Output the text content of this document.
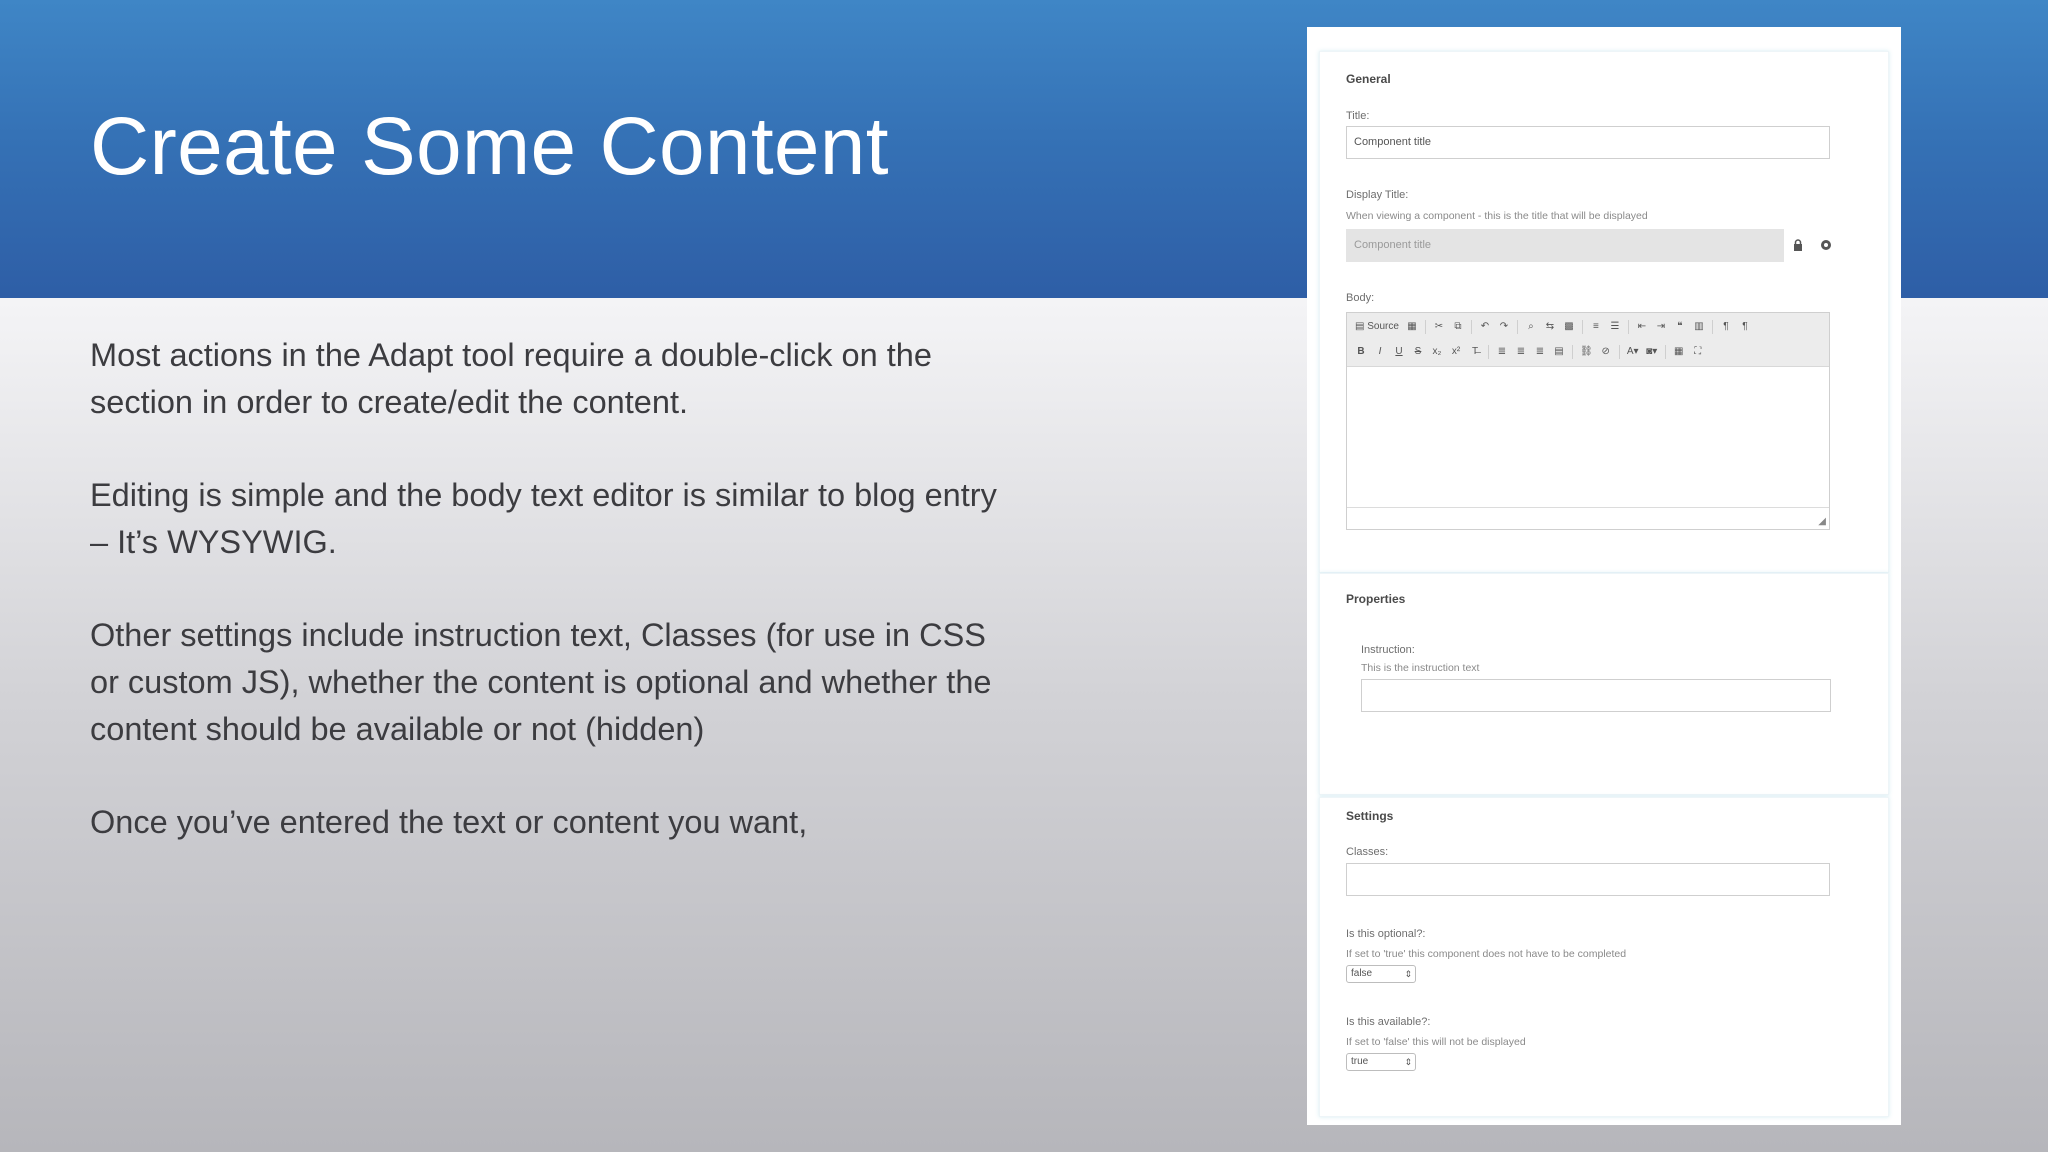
Create Some Content

Most actions in the Adapt tool require a double-click on the section in order to create/edit the content.

Editing is simple and the body text editor is similar to blog entry – It’s WYSYWIG.

Other settings include instruction text, Classes (for use in CSS or custom JS), whether the content is optional and whether the content should be available or not (hidden)

Once you’ve entered the text or content you want,

General
Title:
Component title
Display Title:
When viewing a component - this is the title that will be displayed
Component title
Body:
▤ Source ▦	✂	⧉	↶	↷	⌕	⇆	▩	≡	☰	⇤	⇥	❝	▥	¶	¶
B	I	U	S	x₂	x²	T̶	≣	≣	≣	▤	⛓ ⊘	A▾ ◙▾	▦	⛶
◢
Properties
Instruction:
This is the instruction text
Settings
Classes:
Is this optional?:
If set to 'true' this component does not have to be completed
false	⇕
Is this available?:
If set to 'false' this will not be displayed
true	⇕
